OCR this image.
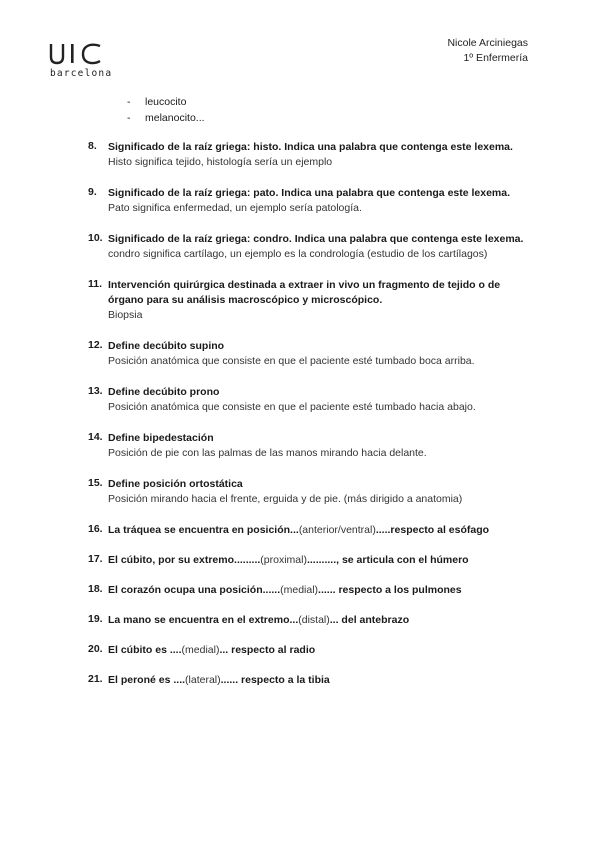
barcelona
Nicole Arciniegas
1º Enfermería
-	leucocito
-	melanocito...
8. Significado de la raíz griega: histo. Indica una palabra que contenga este lexema.
Histo significa tejido, histología sería un ejemplo
9. Significado de la raíz griega: pato. Indica una palabra que contenga este lexema.
Pato significa enfermedad, un ejemplo sería patología.
10. Significado de la raíz griega: condro. Indica una palabra que contenga este lexema.
condro significa cartílago, un ejemplo es la condrología (estudio de los cartílagos)
11. Intervención quirúrgica destinada a extraer in vivo un fragmento de tejido o de órgano para su análisis macroscópico y microscópico.
Biopsia
12. Define decúbito supino
Posición anatómica que consiste en que el paciente esté tumbado boca arriba.
13. Define decúbito prono
Posición anatómica que consiste en que el paciente esté tumbado hacia abajo.
14. Define bipedestación
Posición de pie con las palmas de las manos mirando hacia delante.
15. Define posición ortostática
Posición mirando hacia el frente, erguida y de pie. (más dirigido a anatomia)
16. La tráquea se encuentra en posición...(anterior/ventral).....respecto al esófago
17. El cúbito, por su extremo.........(proximal).........., se articula con el húmero
18. El corazón ocupa una posición......(medial)...... respecto a los pulmones
19. La mano se encuentra en el extremo...(distal)... del antebrazo
20. El cúbito es ....(medial)... respecto al radio
21. El peroné es ....(lateral)...... respecto a la tibia
